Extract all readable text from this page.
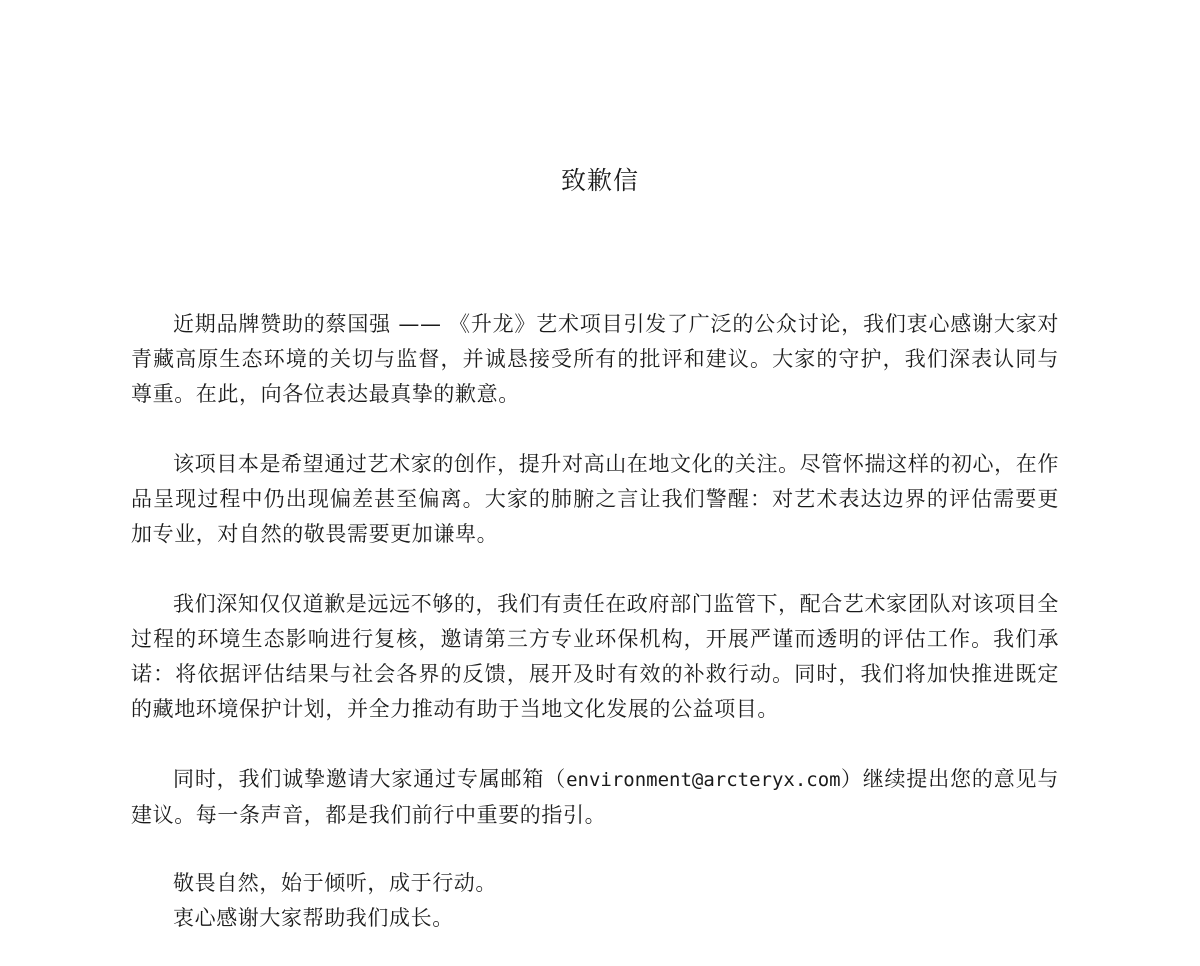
致歉信

近期品牌赞助的蔡国强 —— 《升龙》艺术项目引发了广泛的公众讨论，我们衷心感谢大家对青藏高原生态环境的关切与监督，并诚恳接受所有的批评和建议。大家的守护，我们深表认同与尊重。在此，向各位表达最真挚的歉意。

该项目本是希望通过艺术家的创作，提升对高山在地文化的关注。尽管怀揣这样的初心，在作品呈现过程中仍出现偏差甚至偏离。大家的肺腑之言让我们警醒：对艺术表达边界的评估需要更加专业，对自然的敬畏需要更加谦卑。

我们深知仅仅道歉是远远不够的，我们有责任在政府部门监管下，配合艺术家团队对该项目全过程的环境生态影响进行复核，邀请第三方专业环保机构，开展严谨而透明的评估工作。我们承诺：将依据评估结果与社会各界的反馈，展开及时有效的补救行动。同时，我们将加快推进既定的藏地环境保护计划，并全力推动有助于当地文化发展的公益项目。

同时，我们诚挚邀请大家通过专属邮箱（environment@arcteryx.com）继续提出您的意见与建议。每一条声音，都是我们前行中重要的指引。

敬畏自然，始于倾听，成于行动。

衷心感谢大家帮助我们成长。
